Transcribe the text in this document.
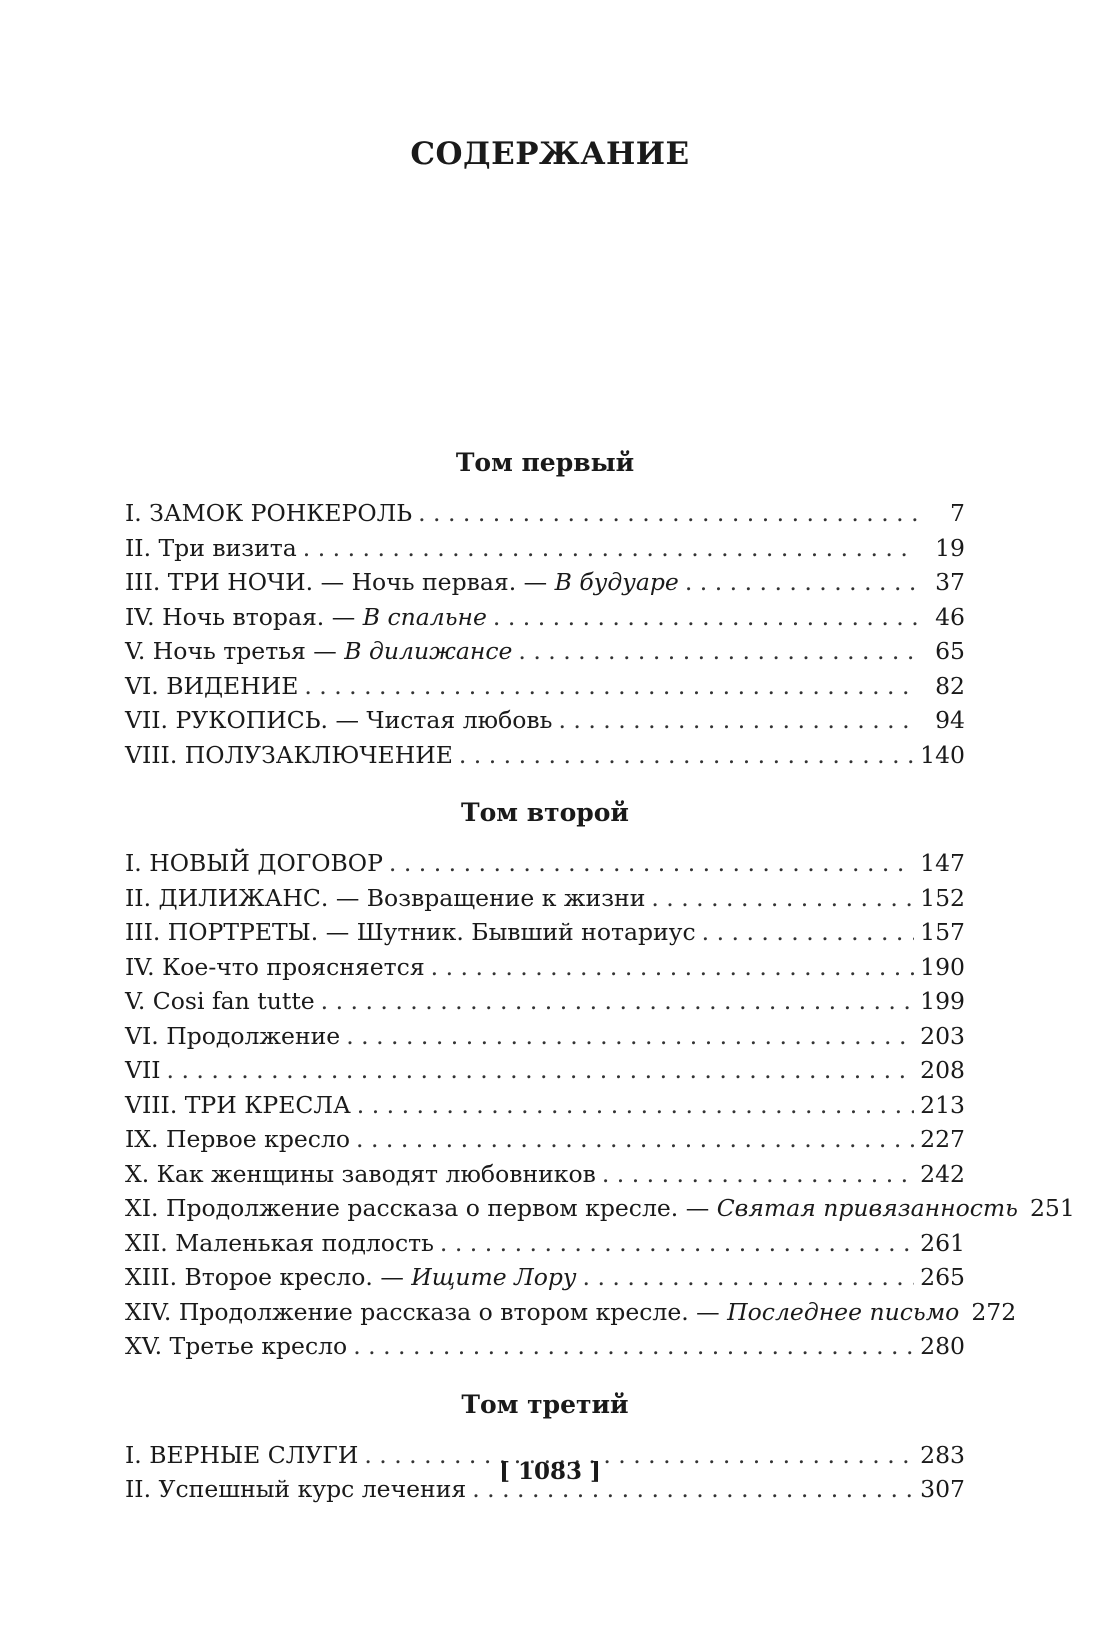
СОДЕРЖАНИЕ
Том первый
I. ЗАМОК РОНКЕРОЛЬ . . .	7
II. Три визита . . .	19
III. ТРИ НОЧИ. — Ночь первая. — В будуаре . . .	37
IV. Ночь вторая. — В спальне . . .	46
V. Ночь третья — В дилижансе . . .	65
VI. ВИДЕНИЕ . . .	82
VII. РУКОПИСЬ. — Чистая любовь . . .	94
VIII. ПОЛУЗАКЛЮЧЕНИЕ . . .	140
Том второй
I. НОВЫЙ ДОГОВОР . . .	147
II. ДИЛИЖАНС. — Возвращение к жизни . . .	152
III. ПОРТРЕТЫ. — Шутник. Бывший нотариус . . .	157
IV. Кое-что проясняется . . .	190
V. Cosi fan tutte . . .	199
VI. Продолжение . . .	203
VII . . .	208
VIII. ТРИ КРЕСЛА . . .	213
IX. Первое кресло . . .	227
X. Как женщины заводят любовников . . .	242
XI. Продолжение рассказа о первом кресле. — Святая привязанность 251
XII. Маленькая подлость . . .	261
XIII. Второе кресло. — Ищите Лору . . .	265
XIV. Продолжение рассказа о втором кресле. — Последнее письмо 272
XV. Третье кресло . . .	280
Том третий
I. ВЕРНЫЕ СЛУГИ . . .	283
II. Успешный курс лечения . . .	307
[ 1083 ]
